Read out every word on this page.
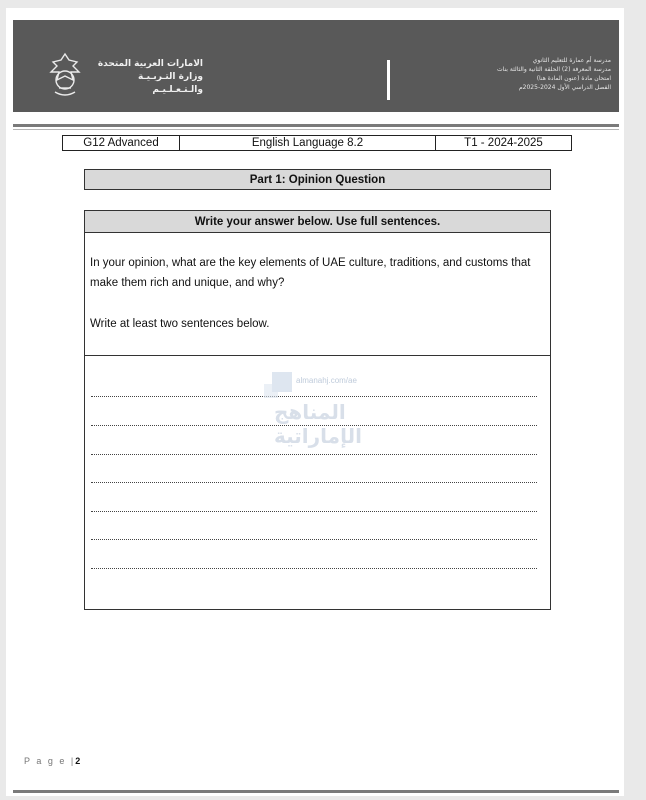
الامارات العربية المتحدة
وزارة التـربـيـة والـتـعـلـيـم
مدرسة أم عمارة للتعليم الثانوي
مدرسة المعرفة (2) الحلقة الثانية والثالثة بنات
امتحان مادة (عنون المادة هنا)
الفصل الدراسي الأول 2024-2025م
G12 Advanced	English Language 8.2	T1 - 2024-2025
Part 1: Opinion Question
Write your answer below. Use full sentences.
In your opinion, what are the key elements of UAE culture, traditions, and customs that make them rich and unique, and why?
Write at least two sentences below.
almanahj.com/ae
المناهج الإماراتية
P a g e |2
